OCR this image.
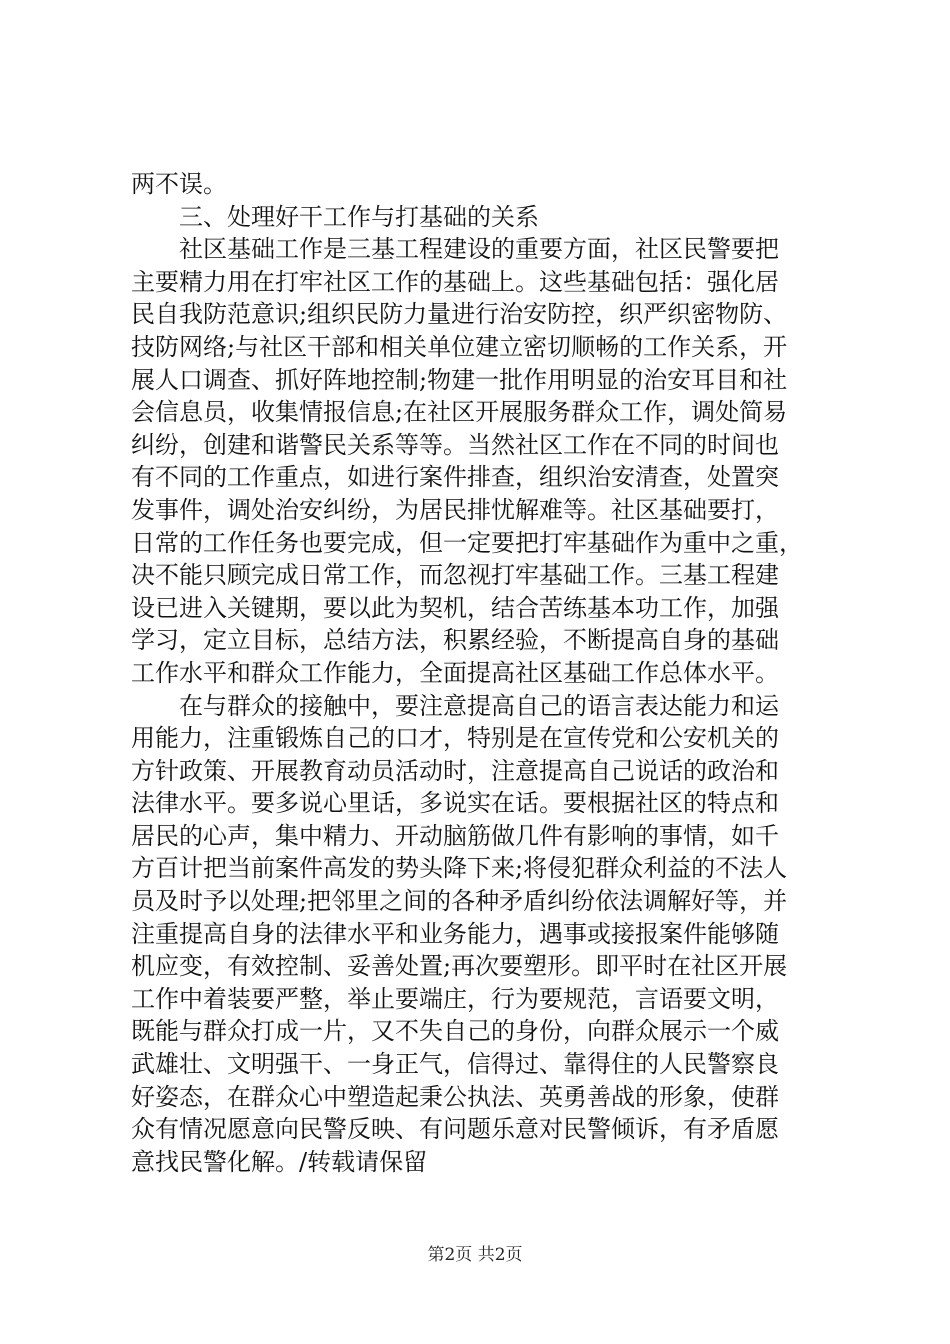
两不误。
三、处理好干工作与打基础的关系
社区基础工作是三基工程建设的重要方面，社区民警要把
主要精力用在打牢社区工作的基础上。这些基础包括：强化居
民自我防范意识;组织民防力量进行治安防控，织严织密物防、
技防网络;与社区干部和相关单位建立密切顺畅的工作关系，开
展人口调查、抓好阵地控制;物建一批作用明显的治安耳目和社
会信息员，收集情报信息;在社区开展服务群众工作，调处简易
纠纷，创建和谐警民关系等等。当然社区工作在不同的时间也
有不同的工作重点，如进行案件排查，组织治安清查，处置突
发事件，调处治安纠纷，为居民排忧解难等。社区基础要打，
日常的工作任务也要完成，但一定要把打牢基础作为重中之重，
决不能只顾完成日常工作，而忽视打牢基础工作。三基工程建
设已进入关键期，要以此为契机，结合苦练基本功工作，加强
学习，定立目标，总结方法，积累经验，不断提高自身的基础
工作水平和群众工作能力，全面提高社区基础工作总体水平。
在与群众的接触中，要注意提高自己的语言表达能力和运
用能力，注重锻炼自己的口才，特别是在宣传党和公安机关的
方针政策、开展教育动员活动时，注意提高自己说话的政治和
法律水平。要多说心里话，多说实在话。要根据社区的特点和
居民的心声，集中精力、开动脑筋做几件有影响的事情，如千
方百计把当前案件高发的势头降下来;将侵犯群众利益的不法人
员及时予以处理;把邻里之间的各种矛盾纠纷依法调解好等，并
注重提高自身的法律水平和业务能力，遇事或接报案件能够随
机应变，有效控制、妥善处置;再次要塑形。即平时在社区开展
工作中着装要严整，举止要端庄，行为要规范，言语要文明，
既能与群众打成一片，又不失自己的身份，向群众展示一个威
武雄壮、文明强干、一身正气，信得过、靠得住的人民警察良
好姿态，在群众心中塑造起秉公执法、英勇善战的形象，使群
众有情况愿意向民警反映、有问题乐意对民警倾诉，有矛盾愿
意找民警化解。/转载请保留
第2页 共2页
